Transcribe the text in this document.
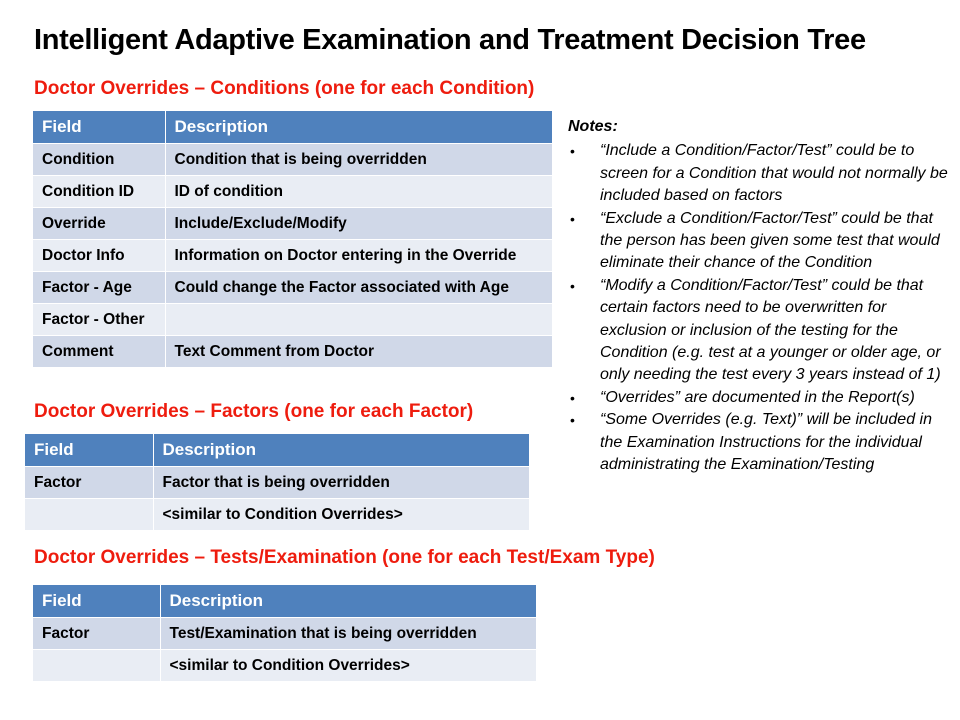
Intelligent Adaptive Examination and Treatment Decision Tree
Doctor Overrides – Conditions (one for each Condition)
Field	Description
Condition	Condition that is being overridden
Condition ID	ID of condition
Override	Include/Exclude/Modify
Doctor Info	Information on Doctor entering in the Override
Factor - Age	Could change the Factor associated with Age
Factor - Other	
Comment	Text Comment from Doctor
Doctor Overrides – Factors (one for each Factor)
Field	Description
Factor	Factor that is being overridden
	<similar to Condition Overrides>
Doctor Overrides – Tests/Examination (one for each Test/Exam Type)
Field	Description
Factor	Test/Examination that is being overridden
	<similar to Condition Overrides>
Notes:
• “Include a Condition/Factor/Test” could be to screen for a Condition that would not normally be included based on factors
• “Exclude a Condition/Factor/Test” could be that the person has been given some test that would eliminate their chance of the Condition
• “Modify a Condition/Factor/Test” could be that certain factors need to be overwritten for exclusion or inclusion of the testing for the Condition (e.g. test at a younger or older age, or only needing the test every 3 years instead of 1)
• “Overrides” are documented in the Report(s)
• “Some Overrides (e.g. Text)” will be included in the Examination Instructions for the individual administrating the Examination/Testing
